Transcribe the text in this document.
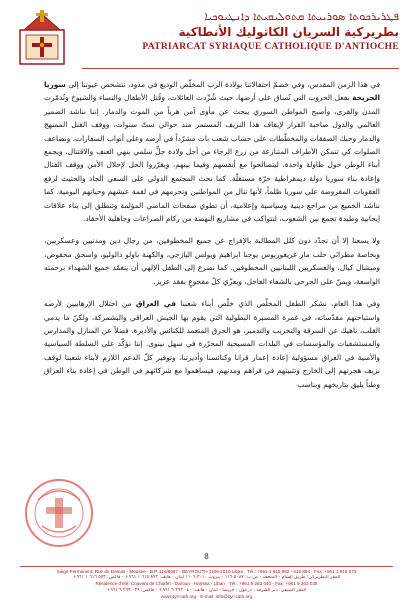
ܦܛܪܝܪܟܘܬܐ ܣܘܪܝܝܬܐ ܩܬܘܠܝܩܝܬܐ ܕܐܢܛܝܘܟܝܐ
بطريركية السريان الكاثوليك الأنطاكية
PATRIARCAT SYRIAQUE CATHOLIQUE D'ANTIOCHE

في هذا الزمن المقدس، وفي خضمّ احتفالاتنا بولادة الرب المخلّص الوديع في مذود، نتشخص عيوننا إلى سوريا الجريحة بفعل الحروب التي تُساق على أرضها، حيث شُرِّدت العائلات، وقُتل الأطفال والنساء والشيوخ وتُدمّرت المدن والقرى، وأصبح المواطن السوري يبحث عن مأوى آمن هرباً من الموت والدمار. إننا نناشد الضمير العالمي والدول صاحبة القرار لإيقاف هذا النزيف المستمر منذ حوالي ستّ سنوات، ووقف القتل الممنهج والدمار وحبك الصفقات والمخطّطات على حساب شعب بات مشرّداً في أرضه وعلى أبواب السفارات، ونضاعف الصلوات كي تتمكن الأطراف المتنازعة من زرع الرجاء من أجل ولادة حلٍّ سلمي ينهي العنف والاقتتال، ويجمع أبناء الوطن حول طاولة واحدة، ليتصالحوا مع أنفسهم وفيما بينهم، ويقرّروا الحل لإحلال الأمن ووقف القتال وإعادة بناء سوريا دولة ديمقراطية حرّة مستقلّة. كما نحث المجتمع الدولي على السعي الجاد والحثيث لرفع العقوبات المفروضة على سوريا ظلماً، لأنها تنال من المواطنين وتحرمهم في لقمة عيشهم وحياتهم اليومية. كما نناشد الجميع من مراجع دينية وسياسية وإعلامية، أن تطوي صفحات الماضي المؤلمة وتنطلق إلى بناء علاقات إيجابية وطيدة تجمع بين الشعوب، لتتواكب في مشاريع النهضة من ركام الصراعات وجاهلية الأحقاد.

ولا يسعنا إلا أن نجدّد دون كلل المطالبة بالإفراج عن جميع المخطوفين، من رجال دين ومدنيين وعسكريين، وبخاصة مطرانَي حلب مار غريغوريوس يوحنا ابراهيم وبولس اليازجي، والكهنة باولو دالوليو، واسحق محفوض، وميشال كيال، والعسكريين اللبنانيين المخطوفين. كما نضرع إلى الطفل الإلهي أن يتغمّد جميع الشهداء برحمته الواسعة، ويمنّ على الجرحى بالشفاء العاجل، ويعزّي كلّ مفجوعٍ بفقد عزيز.

وفي هذا العام، نشكر الطفل المخلّص الذي خلّص أبناء شعبنا في العراق من احتلال الإرهابيين لأرضه واستباحتهم مقدّساته، في غمرة المسيرة البطولية التي يقوم بها الجيش العراقي والبشمركة، ولكنّ ما يدمي القلب، ناهيك عن السرقة والتخريب والتدمير، هو الحرق المتعمد للكنائس والأديرة، فضلاً عن المنازل والمدارس والمستشفيات والمؤسسات في البلدات المسيحية المحرّرة في سهل نينوى. إننا نؤكّد على السلطة السياسية والأمنية في العراق مسؤولية إعادة إعمار قرانا وكنائسنا وأديرتنا، وتوفير كلّ الدعم اللازم لأبناء شعبنا لوقف نزيف هجرتهم إلى الخارج وتثبيتهم في قراهم ومدنهم، فيساهموا مع شركائهم في الوطن في إعادة بناء العراق وطناً يليق بتاريخهم وبناسب

8
Siège Permanent: Rue de Damas - Mousée - B.P. 116/5087 - BEYROUTH 1106-2010 Liban · Tél.: +961 1 615 892 - 615 894 - Fax: +961 1 616 573
المقر البطريركي: طريق الشام - المتحف - ص.ب: ٥٠٨٧-١١٦ - بيروت ٢٠١٠-١١٠٦ لبنان · هاتف: ٨٩٢ ٦١٥ ١ ٩٦١+ - فاكس: ٥٧٣ ٦١٦ ١ ٩٦١+
Résidence d'été: Couvent de Charfet - Daroun - Harissa - Liban · Tél.: +961 9 263 040 - Fax: +961 9 263 039
المقر الصيفي: دير الشرفة - درعون - حريصا - لبنان · هاتف: ٠٤٠ ٢٦٣ ٩ ٩٦١+ - فاكس: ٠٣٩ ٢٦٣ ٩ ٩٦١+
www.syr-cath.org · E-mail: info@syr-cath.org
